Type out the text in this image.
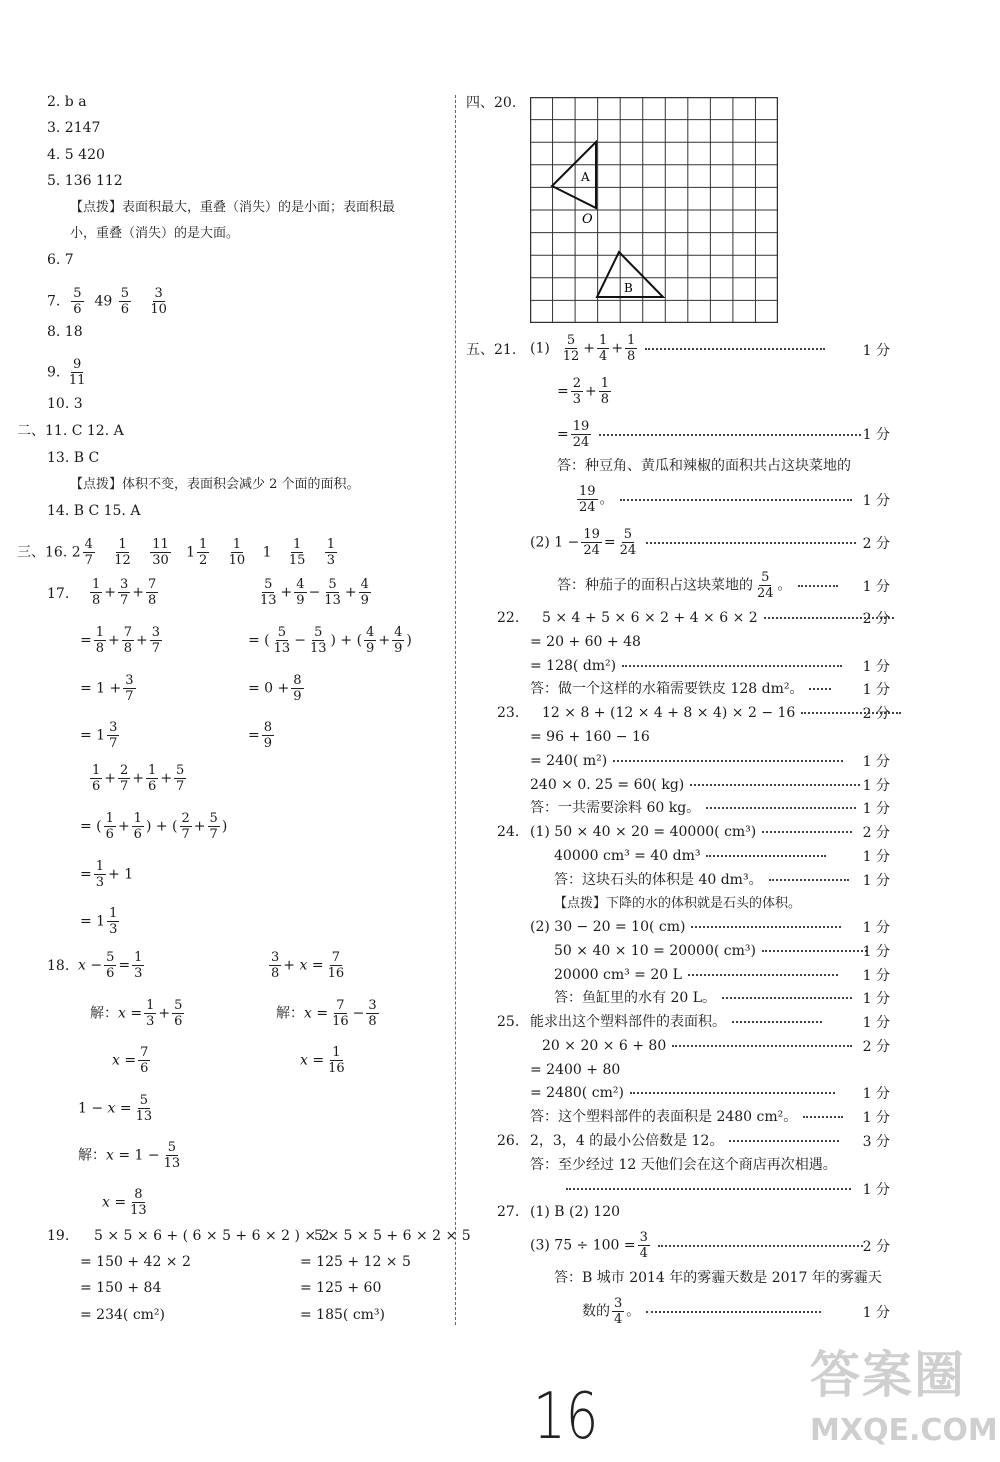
2. b a
3. 2147
4. 5 420
5. 136 112
【点拨】表面积最大，重叠（消失）的是小面；表面积最
小，重叠（消失）的是大面。
6. 7
7. $\frac{5}{6} 49 \frac{5}{6}$
$\frac{3}{10}$
8. 18
9. $\frac{9}{11}$
10. 3
二、11. C 12. A
13. B C
【点拨】体积不变，表面积会减少 2 个面的面积。
14. B C 15. A
三、16. $2 \frac{4}{7}$
$\frac{1}{12}$
$\frac{11}{30} 1 \frac{1}{2}$
$\frac{1}{10} 1 \frac{1}{15}$
$\frac{1}{3}$
17. $\frac{1}{8} + \frac{3}{7} + \frac{7}{8}$
= $\frac{1}{8} + \frac{7}{8} + \frac{3}{7}$
= $1 + \frac{3}{7}$
= $1 \frac{3}{7}$
$\frac{5}{13} + \frac{4}{9} - \frac{5}{13} + \frac{4}{9}$
= ( $\frac{5}{13} - \frac{5}{13}$ ) + ( $\frac{4}{9} + \frac{4}{9}$ )
= $0 + \frac{8}{9}$
= $\frac{8}{9}$
$\frac{1}{6} + \frac{2}{7} + \frac{1}{6} + \frac{5}{7}$
= ( $\frac{1}{6} + \frac{1}{6}$ ) + ( $\frac{2}{7} + \frac{5}{7}$ )
= $\frac{1}{3} + 1$
= $1 \frac{1}{3}$
18. $x - \frac{5}{6} = \frac{1}{3}$
解：$x = \frac{1}{3} + \frac{5}{6}$
$x = \frac{7}{6}$
$\frac{3}{8} + x = \frac{7}{16}$
解：$x = \frac{7}{16} - \frac{3}{8}$
$x = \frac{1}{16}$
$1 - x = \frac{5}{13}$
解：$x = 1 - \frac{5}{13}$
$x = \frac{8}{13}$
19. 5 × 5 × 6 + ( 6 × 5 + 6 × 2 ) × 2
= 150 + 42 × 2
= 150 + 84
= 234( cm²)
5 × 5 × 5 + 6 × 2 × 5
= 125 + 12 × 5
= 125 + 60
= 185( cm³)
四、20.
A
B
O
五、21. $(1) \frac{5}{12} + \frac{1}{4} + \frac{1}{8}$	1 分
= $\frac{2}{3} + \frac{1}{8}$
= $\frac{19}{24}$	1 分
答：种豆角、黄瓜和辣椒的面积共占这块菜地的
$\frac{19}{24}$ 。	1 分
(2) $1 - \frac{19}{24} = \frac{5}{24}$	2 分
答：种茄子的面积占这块菜地的 $\frac{5}{24}$ 。	1 分
22. 5 × 4 + 5 × 6 × 2 + 4 × 6 × 2	2 分
= 20 + 60 + 48
= 128( dm²)	1 分
答：做一个这样的水箱需要铁皮 128 dm²。	1 分
23. 12 × 8 + (12 × 4 + 8 × 4) × 2 − 16	2 分
= 96 + 160 − 16
= 240( m²)	1 分
240 × 0. 25 = 60( kg)	1 分
答：一共需要涂料 60 kg。	1 分
24. (1) 50 × 40 × 20 = 40000( cm³)	2 分
40000 cm³ = 40 dm³	1 分
答：这块石头的体积是 40 dm³。	1 分
【点拨】下降的水的体积就是石头的体积。
(2) 30 − 20 = 10( cm)	1 分
50 × 40 × 10 = 20000( cm³)	1 分
20000 cm³ = 20 L	1 分
答：鱼缸里的水有 20 L。	1 分
25. 能求出这个塑料部件的表面积。	1 分
20 × 20 × 6 + 80	2 分
= 2400 + 80
= 2480( cm²)	1 分
答：这个塑料部件的表面积是 2480 cm²。	1 分
26. 2，3，4 的最小公倍数是 12。	3 分
答：至少经过 12 天他们会在这个商店再次相遇。
1 分
27. (1) B (2) 120
(3) $75 \div 100 = \frac{3}{4}$	2 分
答：B 城市 2014 年的雾霾天数是 2017 年的雾霾天
数的 $\frac{3}{4}$ 。	1 分
16
答案圈
MXQE.COM
